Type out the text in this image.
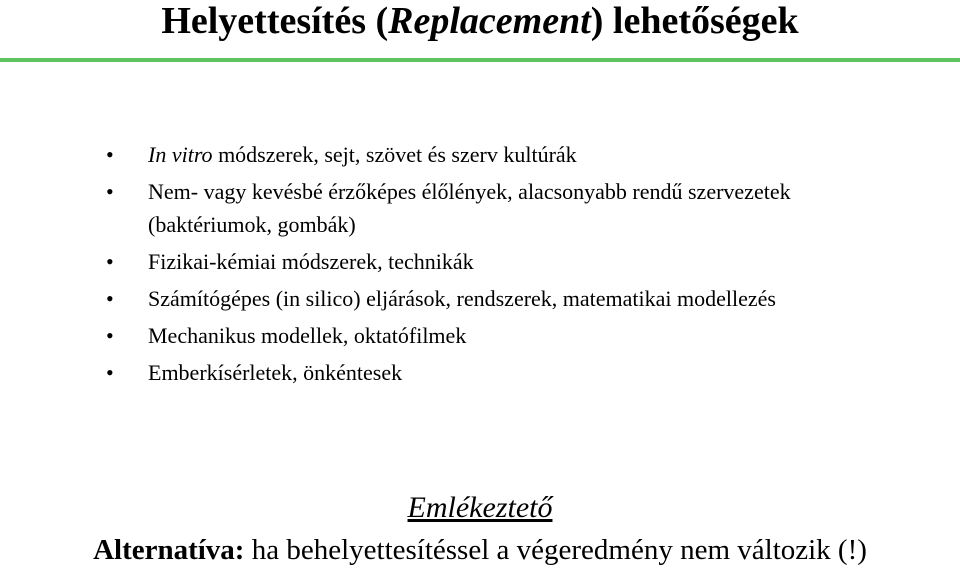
Helyettesítés (Replacement) lehetőségek
• In vitro módszerek, sejt, szövet és szerv kultúrák
• Nem- vagy kevésbé érzőképes élőlények, alacsonyabb rendű szervezetek (baktériumok, gombák)
• Fizikai-kémiai módszerek, technikák
• Számítógépes (in silico) eljárások, rendszerek, matematikai modellezés
• Mechanikus modellek, oktatófilmek
• Emberkísérletek, önkéntesek
Emlékeztető
Alternatíva: ha behelyettesítéssel a végeredmény nem változik (!)
